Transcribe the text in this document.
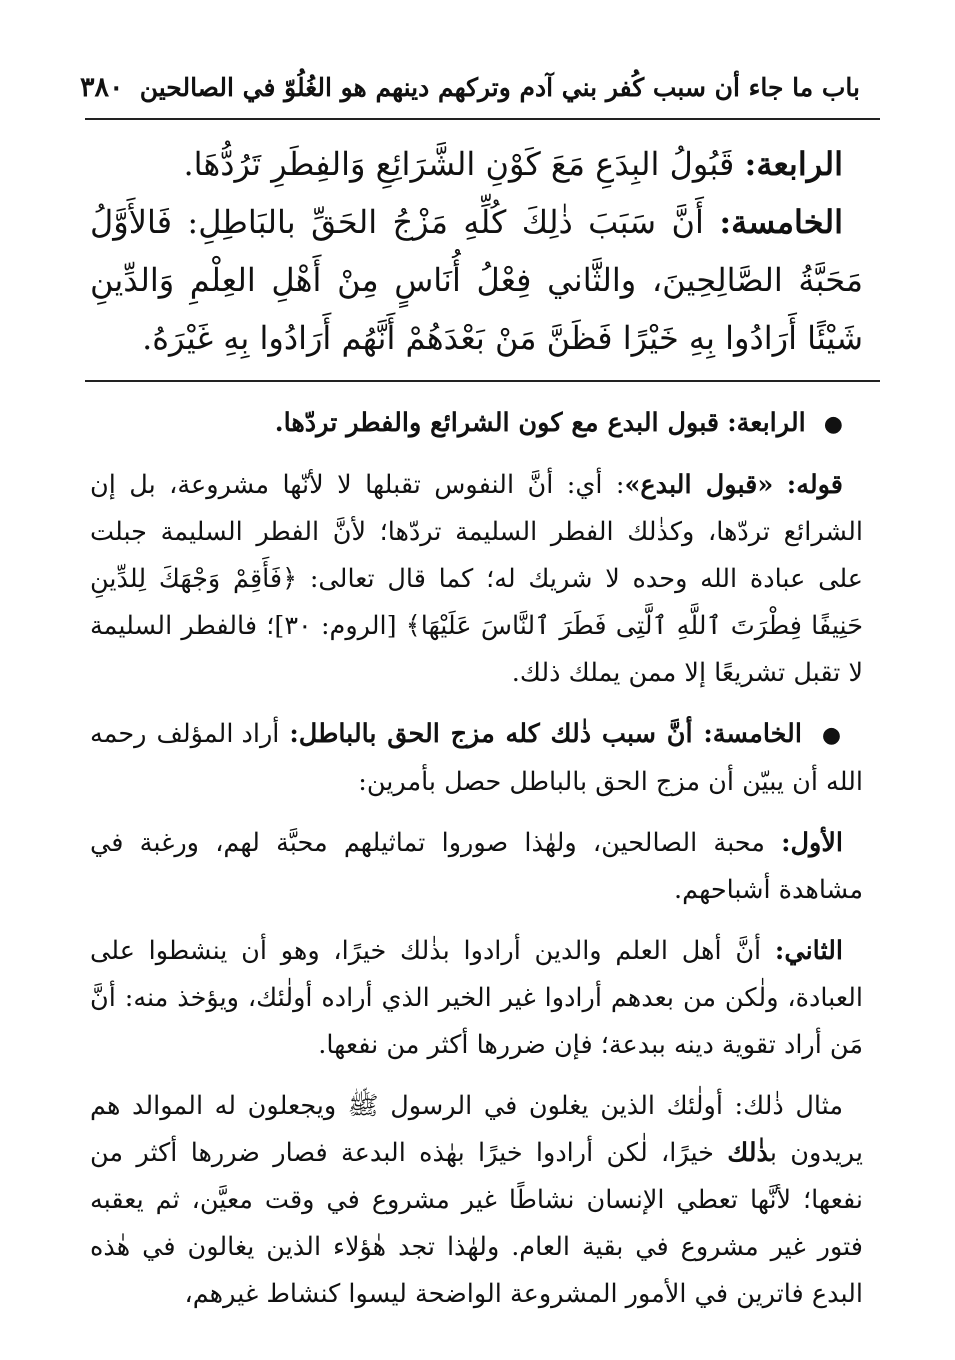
باب ما جاء أن سبب كُفر بني آدم وتركهم دينهم هو الغُلُوّ في الصالحين
٣٨٠

الرابعة: قَبُولُ البِدَعِ مَعَ كَوْنِ الشَّرَائِعِ وَالفِطَرِ تَرُدُّهَا.

الخامسة: أَنَّ سَبَبَ ذٰلِكَ كُلِّهِ مَزْجُ الحَقِّ بالبَاطِلِ: فَالأَوَّلُ مَحَبَّةُ الصَّالِحِينَ، والثَّاني فِعْلُ أُنَاسٍ مِنْ أَهْلِ العِلْمِ وَالدِّينِ شَيْئًا أَرَادُوا بِهِ خَيْرًا فَظَنَّ مَنْ بَعْدَهُمْ أَنَّهُم أَرَادُوا بِهِ غَيْرَهُ.

● الرابعة: قبول البدع مع كون الشرائع والفطر تردّها.

قوله: «قبول البدع»: أي: أنَّ النفوس تقبلها لا لأنّها مشروعة، بل إن الشرائع تردّها، وكذٰلك الفطر السليمة تردّها؛ لأنَّ الفطر السليمة جبلت على عبادة الله وحده لا شريك له؛ كما قال تعالى: ﴿فَأَقِمْ وَجْهَكَ لِلدِّينِ حَنِيفًا فِطْرَتَ ٱللَّهِ ٱلَّتِى فَطَرَ ٱلنَّاسَ عَلَيْهَا﴾ [الروم: ٣٠]؛ فالفطر السليمة لا تقبل تشريعًا إلا ممن يملك ذلك.

● الخامسة: أنَّ سبب ذٰلك كله مزج الحق بالباطل: أراد المؤلف رحمه الله أن يبيّن أن مزج الحق بالباطل حصل بأمرين:

الأول: محبة الصالحين، ولهٰذا صوروا تماثيلهم محبَّة لهم، ورغبة في مشاهدة أشباحهم.

الثاني: أنَّ أهل العلم والدين أرادوا بذٰلك خيرًا، وهو أن ينشطوا على العبادة، ولٰكن من بعدهم أرادوا غير الخير الذي أراده أولٰئك، ويؤخذ منه: أنَّ مَن أراد تقوية دينه ببدعة؛ فإن ضررها أكثر من نفعها.

مثال ذٰلك: أولٰئك الذين يغلون في الرسول ﷺ ويجعلون له الموالد هم يريدون بذٰلك خيرًا، لٰكن أرادوا خيرًا بهٰذه البدعة فصار ضررها أكثر من نفعها؛ لأنَّها تعطي الإنسان نشاطًا غير مشروع في وقت معيَّن، ثم يعقبه فتور غير مشروع في بقية العام. ولهٰذا تجد هٰؤلاء الذين يغالون في هٰذه البدع فاترين في الأمور المشروعة الواضحة ليسوا كنشاط غيرهم،
